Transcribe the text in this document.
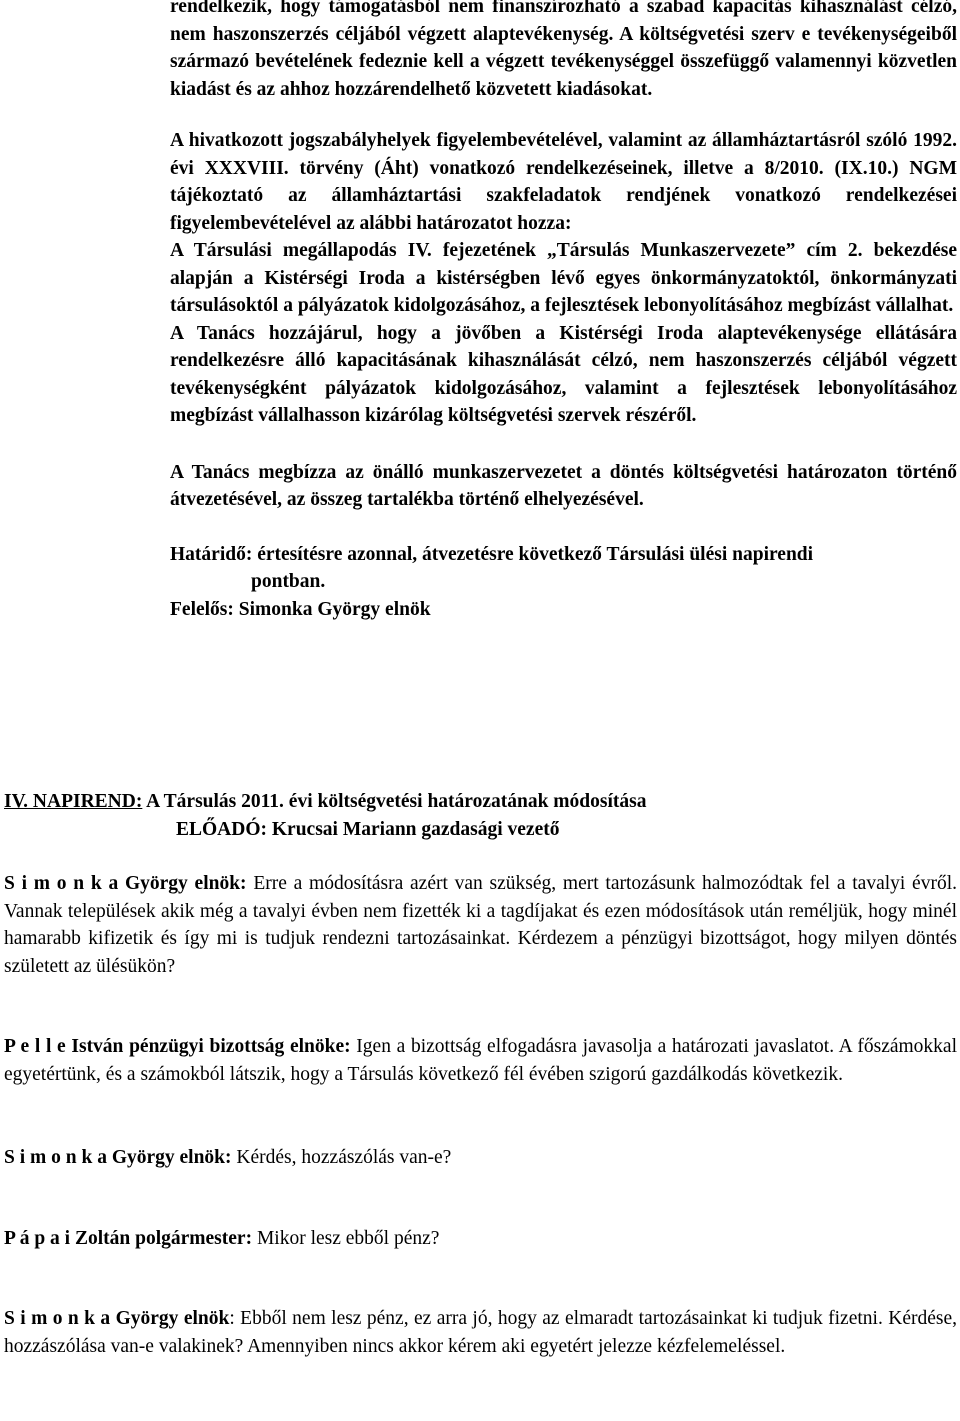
rendelkezik, hogy támogatásból nem finanszírozható a szabad kapacitás kihasználást célzó, nem haszonszerzés céljából végzett alaptevékenység. A költségvetési szerv e tevékenységeiből származó bevételének fedeznie kell a végzett tevékenységgel összefüggő valamennyi közvetlen kiadást és az ahhoz hozzárendelhető közvetett kiadásokat.

A hivatkozott jogszabályhelyek figyelembevételével, valamint az államháztartásról szóló 1992. évi XXXVIII. törvény (Áht) vonatkozó rendelkezéseinek, illetve a 8/2010. (IX.10.) NGM tájékoztató az államháztartási szakfeladatok rendjének vonatkozó rendelkezései figyelembevételével az alábbi határozatot hozza:

A Társulási megállapodás IV. fejezetének „Társulás Munkaszervezete” cím 2. bekezdése alapján a Kistérségi Iroda a kistérségben lévő egyes önkormányzatoktól, önkormányzati társulásoktól a pályázatok kidolgozásához, a fejlesztések lebonyolításához megbízást vállalhat.

A Tanács hozzájárul, hogy a jövőben a Kistérségi Iroda alaptevékenysége ellátására rendelkezésre álló kapacitásának kihasználását célzó, nem haszonszerzés céljából végzett tevékenységként pályázatok kidolgozásához, valamint a fejlesztések lebonyolításához megbízást vállalhasson kizárólag költségvetési szervek részéről.

A Tanács megbízza az önálló munkaszervezetet a döntés költségvetési határozaton történő átvezetésével, az összeg tartalékba történő elhelyezésével.

Határidő: értesítésre azonnal, átvezetésre következő Társulási ülési napirendi
pontban.

Felelős: Simonka György elnök

IV. NAPIREND: A Társulás 2011. évi költségvetési határozatának módosítása

ELŐADÓ: Krucsai Mariann gazdasági vezető

S i m o n k a György elnök: Erre a módosításra azért van szükség, mert tartozásunk halmozódtak fel a tavalyi évről. Vannak települések akik még a tavalyi évben nem fizették ki a tagdíjakat és ezen módosítások után reméljük, hogy minél hamarabb kifizetik és így mi is tudjuk rendezni tartozásainkat. Kérdezem a pénzügyi bizottságot, hogy milyen döntés született az ülésükön?

P e l l e István pénzügyi bizottság elnöke: Igen a bizottság elfogadásra javasolja a határozati javaslatot. A főszámokkal egyetértünk, és a számokból látszik, hogy a Társulás következő fél évében szigorú gazdálkodás következik.

S i m o n k a György elnök: Kérdés, hozzászólás van-e?

P á p a i Zoltán polgármester: Mikor lesz ebből pénz?

S i m o n k a György elnök: Ebből nem lesz pénz, ez arra jó, hogy az elmaradt tartozásainkat ki tudjuk fizetni. Kérdése, hozzászólása van-e valakinek? Amennyiben nincs akkor kérem aki egyetért jelezze kézfelemeléssel.
